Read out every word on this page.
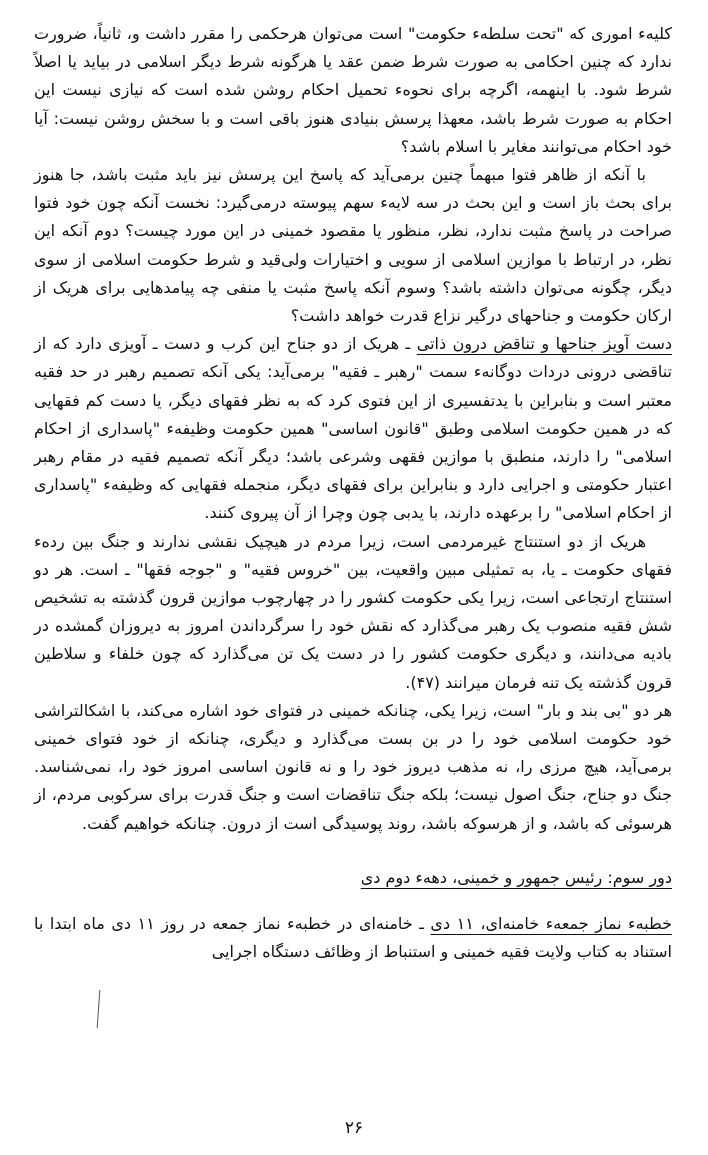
کلیهء اموری که "تحت سلطهء حکومت" است می‌توان هرحکمی را مقرر داشت و، ثانیاً، ضرورت ندارد که چنین احکامی به صورت شرط ضمن عقد یا هرگونه شرط دیگر اسلامی در بیاید یا اصلاً شرط شود. با اینهمه، اگرچه برای نحوهء تحمیل احکام روشن شده است که نیازی نیست این احکام به صورت شرط باشد، معهذا پرسش بنیادی هنوز باقی است و با سخش روشن نیست: آیا خود احکام می‌توانند مغایر با اسلام باشد؟

با آنکه از ظاهر فتوا مبهماً چنین برمی‌آید که پاسخ این پرسش نیز باید مثبت باشد، جا هنوز برای بحث باز است و این بحث در سه لایهء سهم پیوسته درمی‌گیرد: نخست آنکه چون خود فتوا صراحت در پاسخ مثبت ندارد، نظر، منظور یا مقصود خمینی در این مورد چیست؟ دوم آنکه این نظر، در ارتباط با موازین اسلامی از سویی و اختیارات ولی‌قید و شرط حکومت اسلامی از سوی دیگر، چگونه می‌توان داشته باشد؟ وسوم آنکه پاسخ مثبت یا منفی چه پیامدهایی برای هریک از ارکان حکومت و جناحهای درگیر نزاع قدرت خواهد داشت؟

دست آویز جناحها و تناقض درون ذاتی ـ هریک از دو جناح این کرب و دست ـ آویزی دارد که از تناقضی درونی دردات دوگانهء سمت "رهبر ـ فقیه" برمی‌آید: یکی آنکه تصمیم رهبر در حد فقیه معتبر است و بنابراین با یدتفسیری از این فتوی کرد که به نظر فقهای دیگر، یا دست کم فقهایی که در همین حکومت اسلامی وطبق "قانون اساسی" همین حکومت وظیفهء "پاسداری از احکام اسلامی" را دارند، منطبق با موازین فقهی وشرعی باشد؛ دیگر آنکه تصمیم فقیه در مقام رهبر اعتبار حکومتی و اجرایی دارد و بنابراین برای فقهای دیگر، منجمله فقهایی که وظیفهء "پاسداری از احکام اسلامی" را برعهده دارند، با یدبی چون وچرا از آن پیروی کنند.

هریک از دو استنتاج غیرمردمی است، زیرا مردم در هیچیک نقشی ندارند و جنگ بین رده‌ء فقهای حکومت ـ یا، به تمثیلی مبین واقعیت، بین "خروس فقیه" و "جوجه فقها" ـ است. هر دو استنتاج ارتجاعی است، زیرا یکی حکومت کشور را در چهارچوب موازین قرون گذشته به تشخیص شش فقیه منصوب یک رهبر می‌گذارد که نقش خود را سرگرداندن امروز به دیروزان گمشده در بادیه می‌دانند، و دیگری حکومت کشور را در دست یک تن می‌گذارد که چون خلفاء و سلاطین قرون گذشته یک تنه فرمان میرانند (۴۷).

هر دو "بی بند و بار" است، زیرا یکی، چنانکه خمینی در فتوای خود اشاره می‌کند، با اشکالتراشی خود حکومت اسلامی خود را در بن بست می‌گذارد و دیگری، چنانکه از خود فتوای خمینی برمی‌آید، هیچ مرزی را، نه مذهب دیروز خود را و نه قانون اساسی امروز خود را، نمی‌شناسد. جنگ دو جناح، جنگ اصول نیست؛ بلکه جنگ تناقضات است و جنگ قدرت برای سرکوبی مردم، از هرسوئی که باشد، و از هرسوکه باشد، روند پوسیدگی است از درون. چنانکه خواهیم گفت.

دور سوم: رئیس جمهور و خمینی، دههء دوم دی

خطبهء نماز جمعهء خامنه‌ای، ۱۱ دی ـ خامنه‌ای در خطبهء نماز جمعه در روز ۱۱ دی ماه ابتدا با استناد به کتاب ولایت فقیه خمینی و استنباط از وظائف دستگاه اجرایی

۲۶
